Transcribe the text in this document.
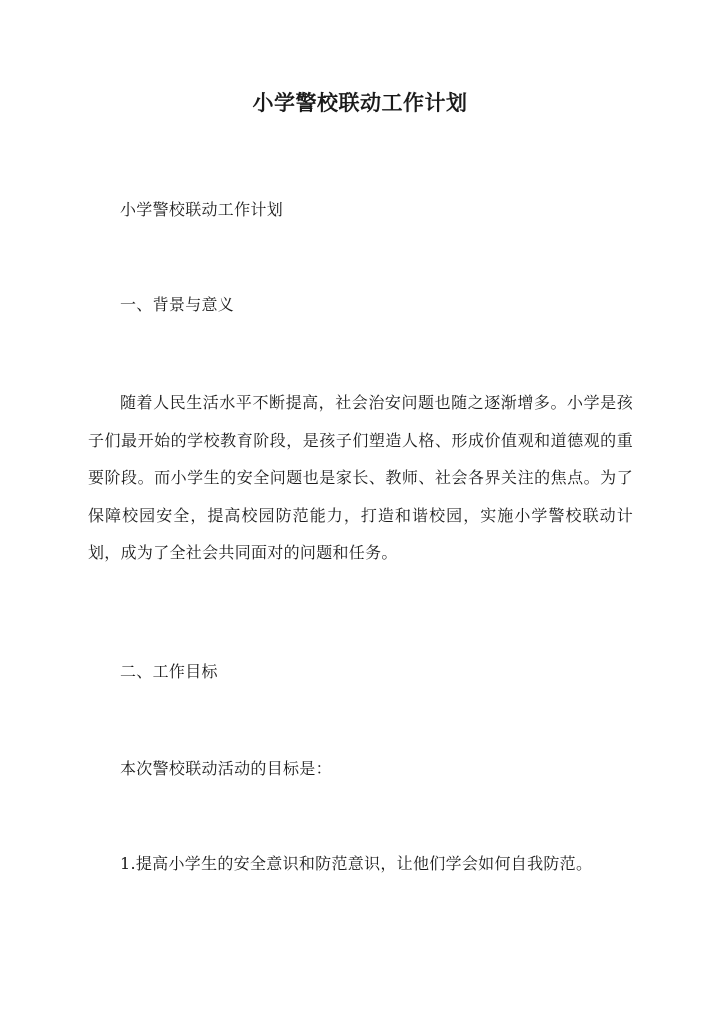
小学警校联动工作计划

小学警校联动工作计划

一、背景与意义

随着人民生活水平不断提高，社会治安问题也随之逐渐增多。小学是孩子们最开始的学校教育阶段，是孩子们塑造人格、形成价值观和道德观的重要阶段。而小学生的安全问题也是家长、教师、社会各界关注的焦点。为了保障校园安全，提高校园防范能力，打造和谐校园，实施小学警校联动计划，成为了全社会共同面对的问题和任务。

二、工作目标

本次警校联动活动的目标是：

1.提高小学生的安全意识和防范意识，让他们学会如何自我防范。
